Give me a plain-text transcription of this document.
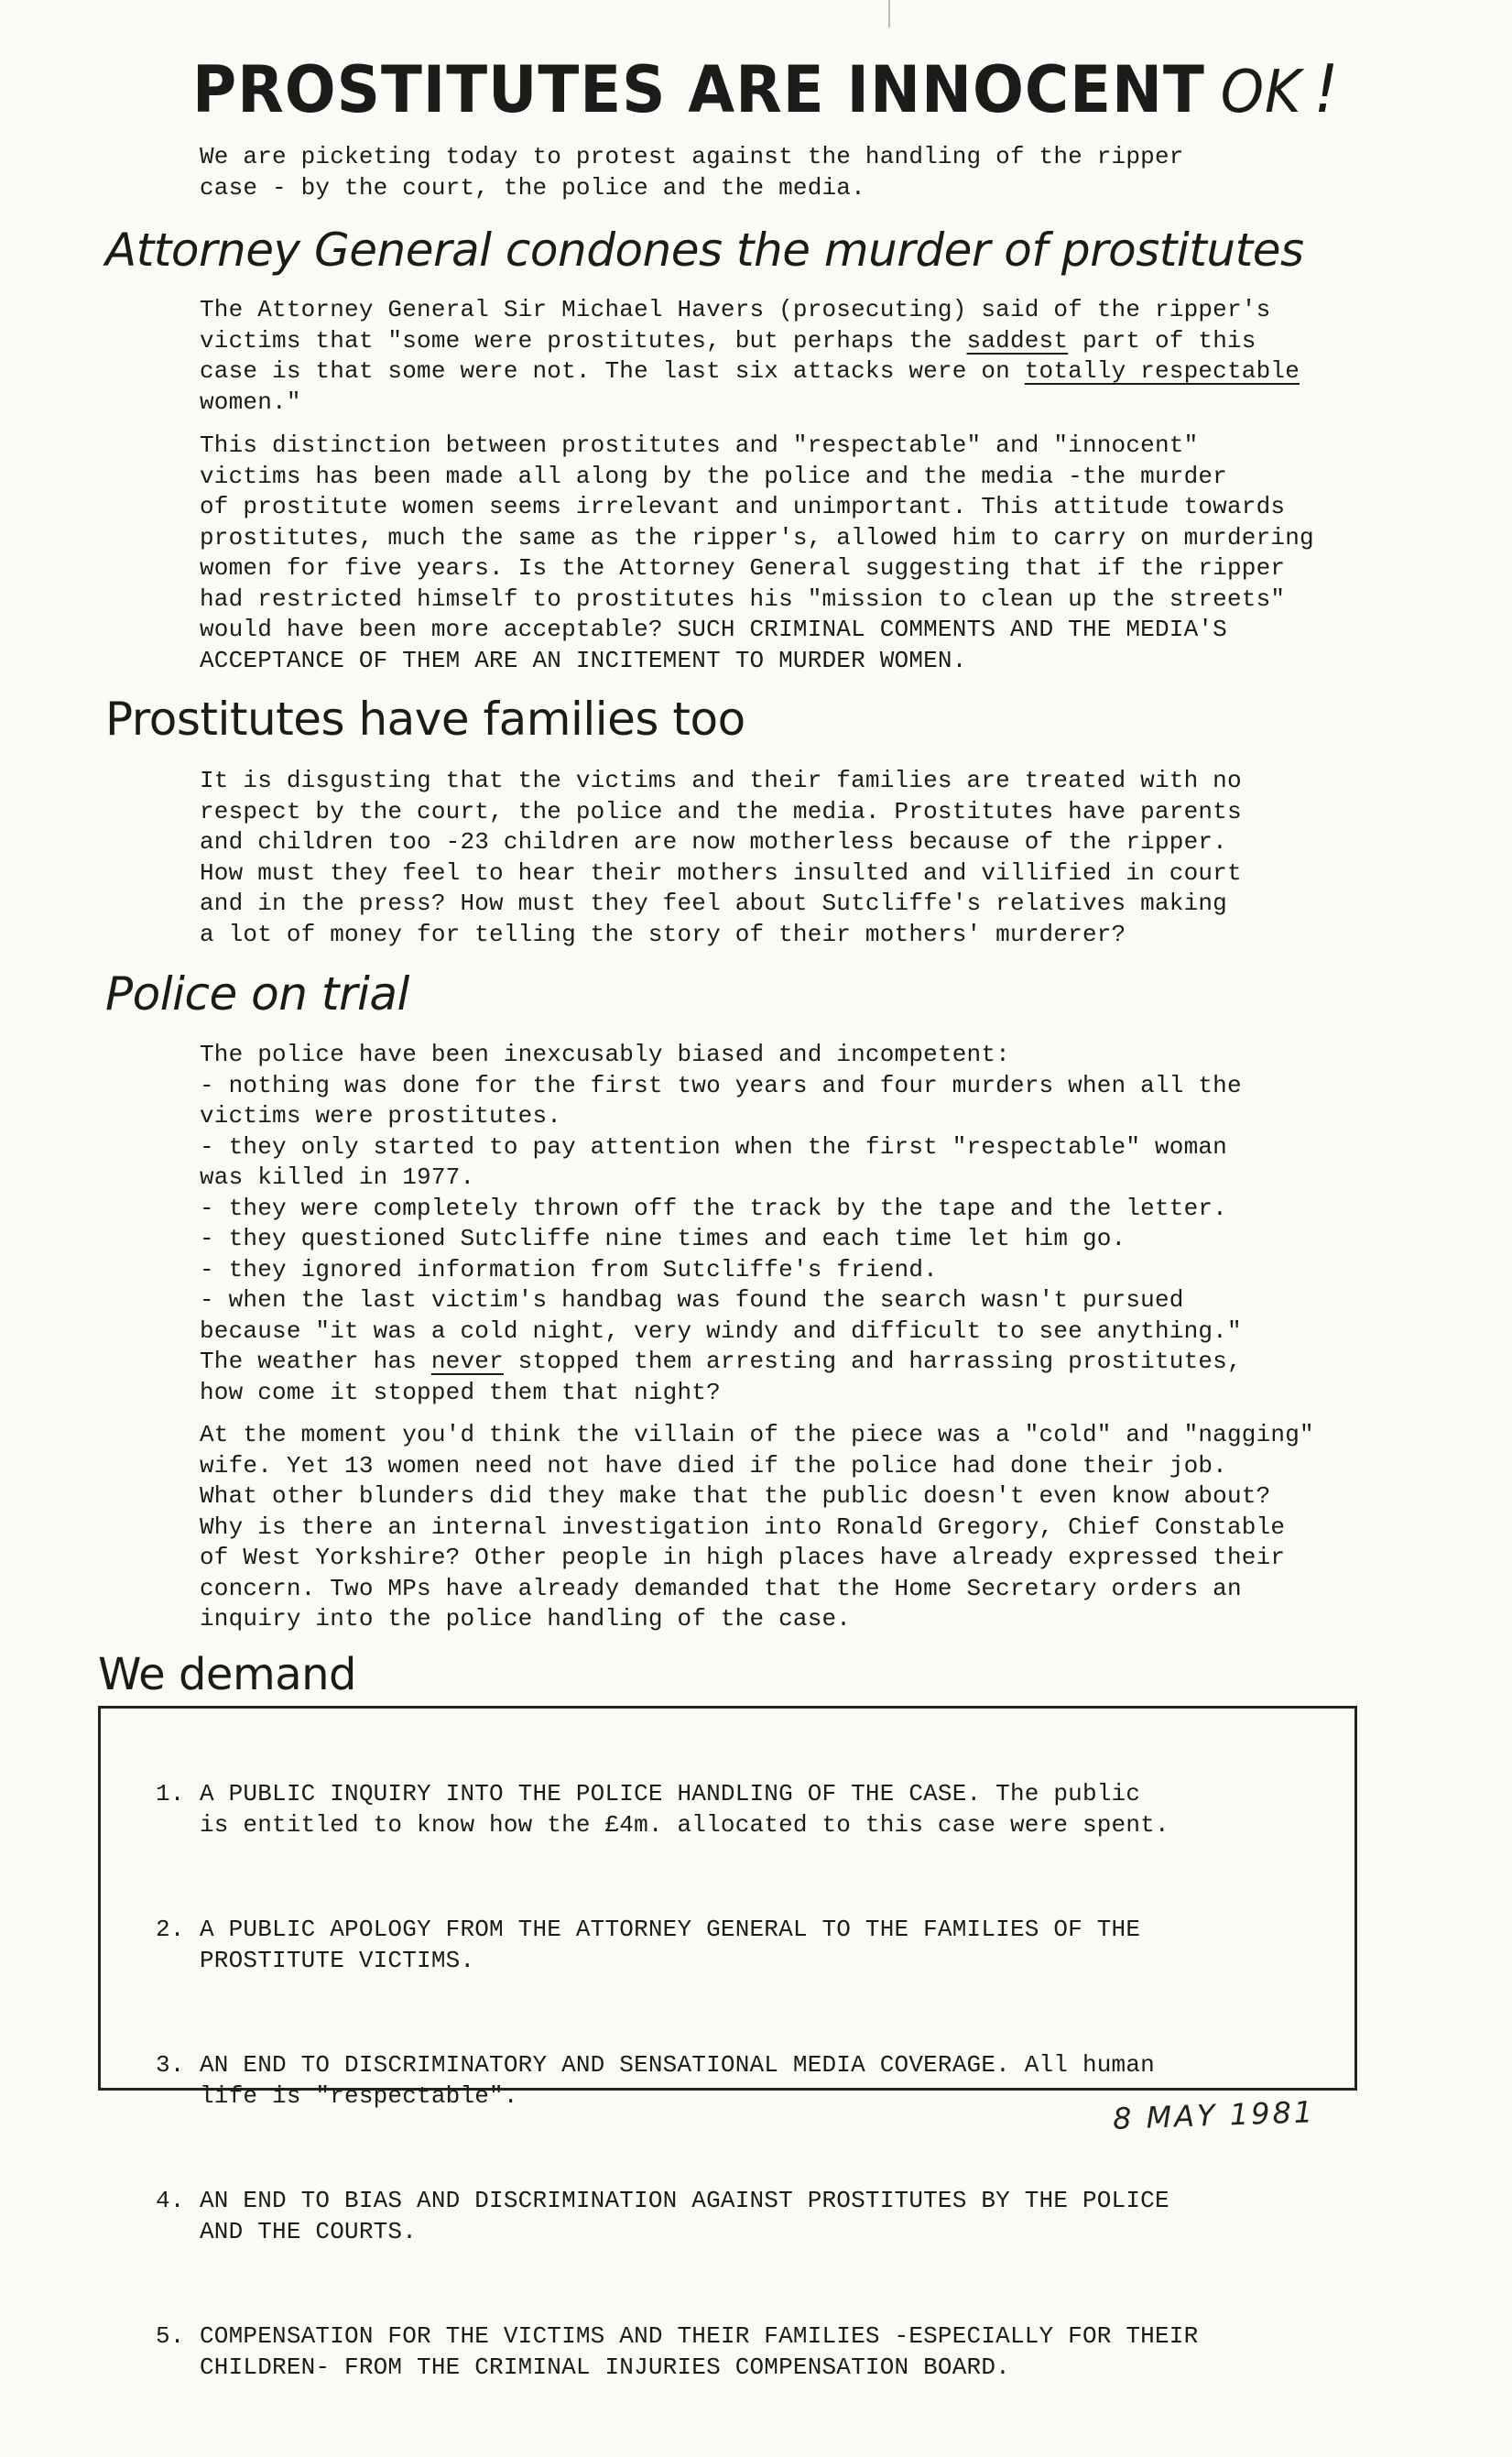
PROSTITUTES ARE INNOCENT OK !
We are picketing today to protest against the handling of the ripper
case - by the court, the police and the media.
Attorney General condones the murder of prostitutes
The Attorney General Sir Michael Havers (prosecuting) said of the ripper's
victims that "some were prostitutes, but perhaps the saddest part of this
case is that some were not. The last six attacks were on totally respectable
women."
This distinction between prostitutes and "respectable" and "innocent"
victims has been made all along by the police and the media -the murder
of prostitute women seems irrelevant and unimportant. This attitude towards
prostitutes, much the same as the ripper's, allowed him to carry on murdering
women for five years. Is the Attorney General suggesting that if the ripper
had restricted himself to prostitutes his "mission to clean up the streets"
would have been more acceptable? SUCH CRIMINAL COMMENTS AND THE MEDIA'S
ACCEPTANCE OF THEM ARE AN INCITEMENT TO MURDER WOMEN.
Prostitutes have families too
It is disgusting that the victims and their families are treated with no
respect by the court, the police and the media. Prostitutes have parents
and children too -23 children are now motherless because of the ripper.
How must they feel to hear their mothers insulted and villified in court
and in the press? How must they feel about Sutcliffe's relatives making
a lot of money for telling the story of their mothers' murderer?
Police on trial
The police have been inexcusably biased and incompetent:
- nothing was done for the first two years and four murders when all the
victims were prostitutes.
- they only started to pay attention when the first "respectable" woman
was killed in 1977.
- they were completely thrown off the track by the tape and the letter.
- they questioned Sutcliffe nine times and each time let him go.
- they ignored information from Sutcliffe's friend.
- when the last victim's handbag was found the search wasn't pursued
because "it was a cold night, very windy and difficult to see anything."
The weather has never stopped them arresting and harrassing prostitutes,
how come it stopped them that night?
At the moment you'd think the villain of the piece was a "cold" and "nagging"
wife. Yet 13 women need not have died if the police had done their job.
What other blunders did they make that the public doesn't even know about?
Why is there an internal investigation into Ronald Gregory, Chief Constable
of West Yorkshire? Other people in high places have already expressed their
concern. Two MPs have already demanded that the Home Secretary orders an
inquiry into the police handling of the case.
We demand

1. A PUBLIC INQUIRY INTO THE POLICE HANDLING OF THE CASE. The public
is entitled to know how the £4m. allocated to this case were spent.

2. A PUBLIC APOLOGY FROM THE ATTORNEY GENERAL TO THE FAMILIES OF THE
PROSTITUTE VICTIMS.

3. AN END TO DISCRIMINATORY AND SENSATIONAL MEDIA COVERAGE. All human
life is "respectable".

4. AN END TO BIAS AND DISCRIMINATION AGAINST PROSTITUTES BY THE POLICE
AND THE COURTS.

5. COMPENSATION FOR THE VICTIMS AND THEIR FAMILIES -ESPECIALLY FOR THEIR
CHILDREN- FROM THE CRIMINAL INJURIES COMPENSATION BOARD.

8 MAY 1981
